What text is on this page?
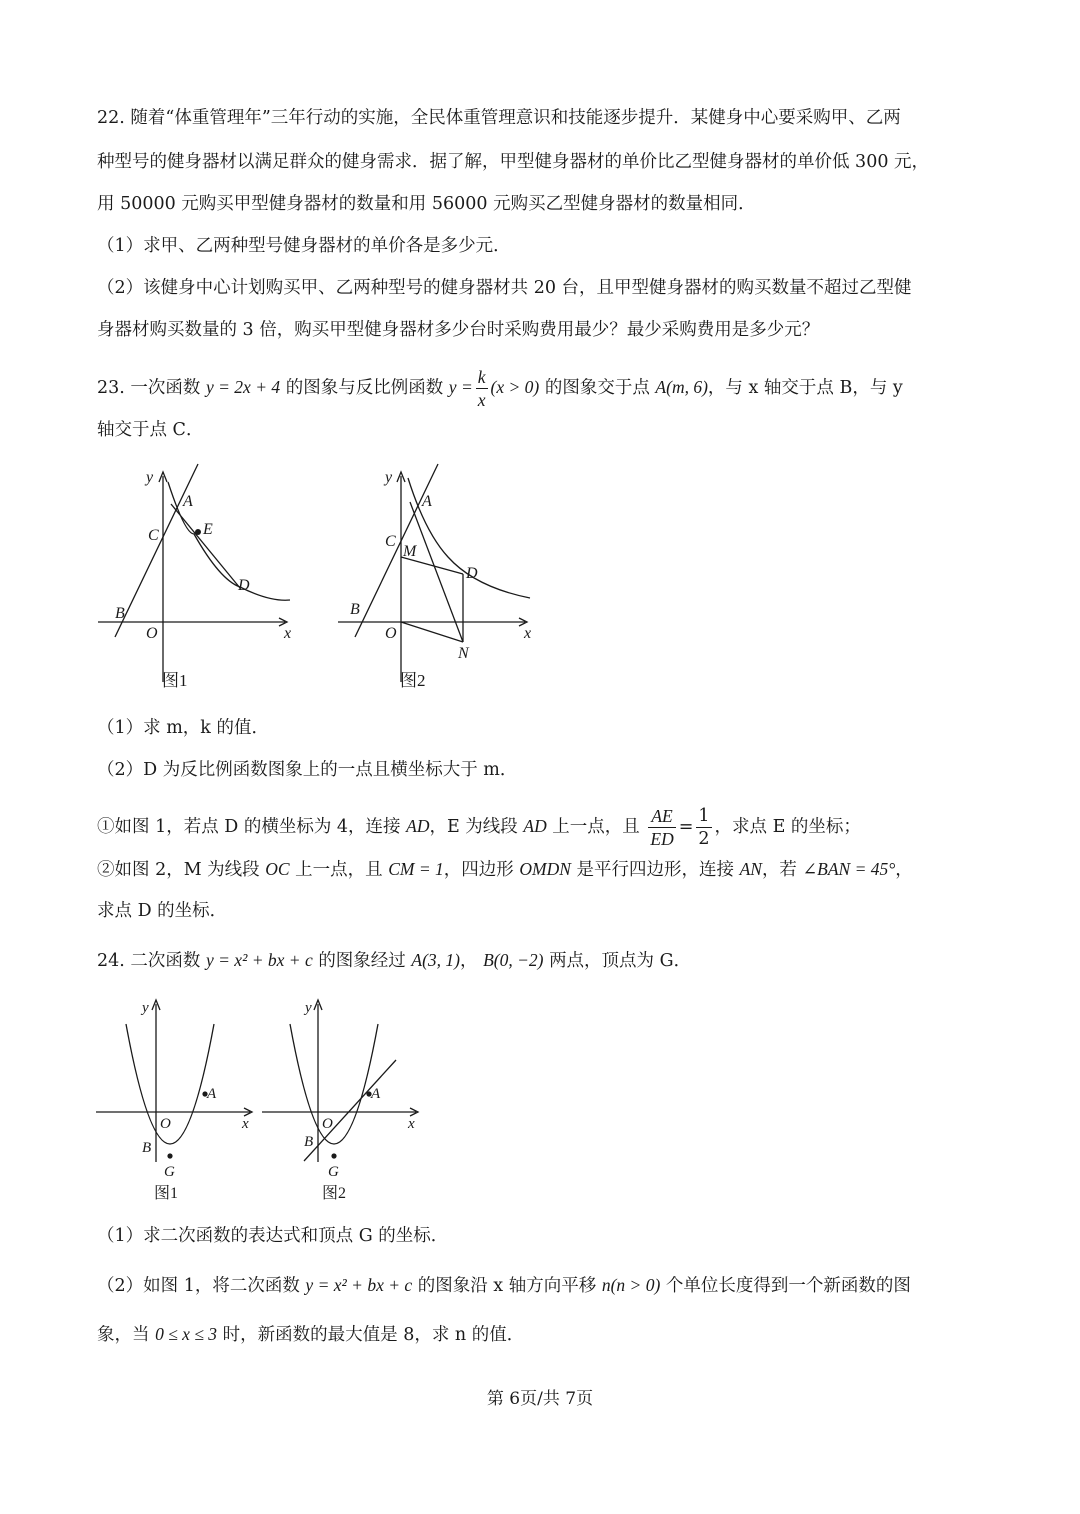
22. 随着“体重管理年”三年行动的实施，全民体重管理意识和技能逐步提升．某健身中心要采购甲、乙两
种型号的健身器材以满足群众的健身需求．据了解，甲型健身器材的单价比乙型健身器材的单价低 300 元，
用 50000 元购买甲型健身器材的数量和用 56000 元购买乙型健身器材的数量相同．
（1）求甲、乙两种型号健身器材的单价各是多少元．
（2）该健身中心计划购买甲、乙两种型号的健身器材共 20 台，且甲型健身器材的购买数量不超过乙型健
身器材购买数量的 3 倍，购买甲型健身器材多少台时采购费用最少？最少采购费用是多少元？
23. 一次函数 y = 2x + 4 的图象与反比例函数 $y = \frac{k}{x} (x > 0)$ 的图象交于点 A(m, 6)，与 x 轴交于点 B，与 y
轴交于点 C．
y
x
A
C	E
D
B
O
图1
y
x
A
C
M
D
B
O
N
图2
（1）求 m，k 的值．
（2）D 为反比例函数图象上的一点且横坐标大于 m．
①如图 1，若点 D 的横坐标为 4，连接 AD，E 为线段 AD 上一点，且 $\frac{AE}{ED} = \frac{1}{2}$ ，求点 E 的坐标；
②如图 2，M 为线段 OC 上一点，且 CM = 1，四边形 OMDN 是平行四边形，连接 AN，若 ∠BAN = 45°，
求点 D 的坐标．
24. 二次函数 y = x² + bx + c 的图象经过 A(3, 1)， B(0, −2) 两点，顶点为 G．
y
x
A
O
B
G
图1
y
x
A
O
B
G
图2
（1）求二次函数的表达式和顶点 G 的坐标．
（2）如图 1，将二次函数 y = x² + bx + c 的图象沿 x 轴方向平移 n(n > 0) 个单位长度得到一个新函数的图
象，当 0 ≤ x ≤ 3 时，新函数的最大值是 8，求 n 的值．
第 6页/共 7页
